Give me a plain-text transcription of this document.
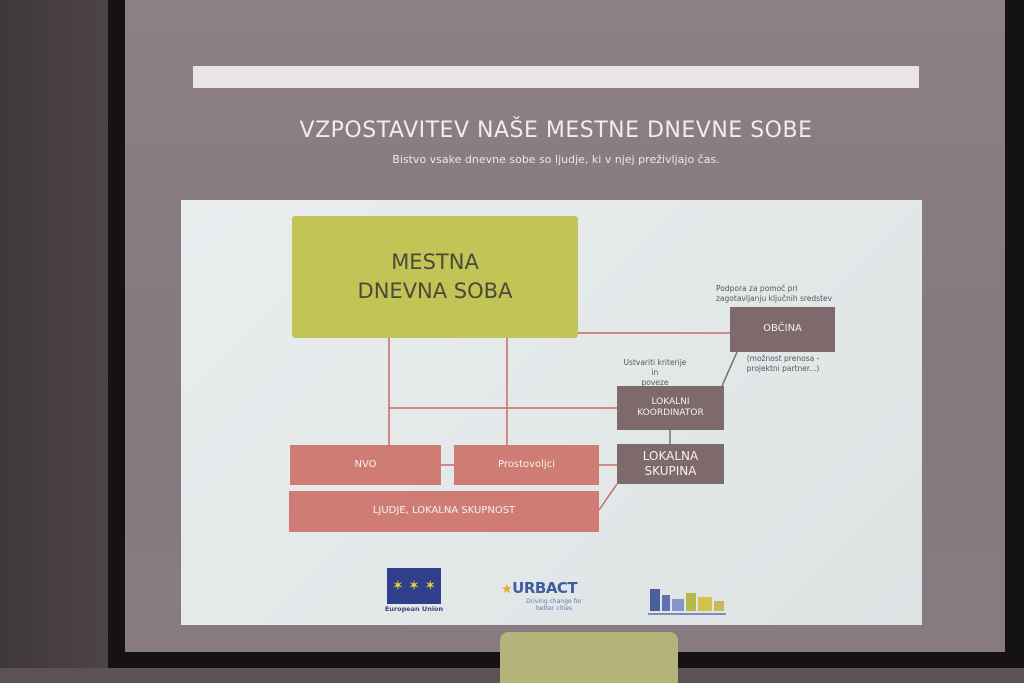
VZPOSTAVITEV NAŠE MESTNE DNEVNE SOBE
Bistvo vsake dnevne sobe so ljudje, ki v njej preživljajo čas.
MESTNA
DNEVNA SOBA
OBČINA
LOKALNI
KOORDINATOR
LOKALNA
SKUPINA
NVO	Prostovoljci
LJUDJE, LOKALNA SKUPNOST
Podpora za pomoč pri
zagotavljanju ključnih sredstev
(možnost prenosa -
projektni partner...)
Ustvariti kriterije in
poveze
✶ ✶ ✶
European Union
★URBACT
Driving change for
better cities
